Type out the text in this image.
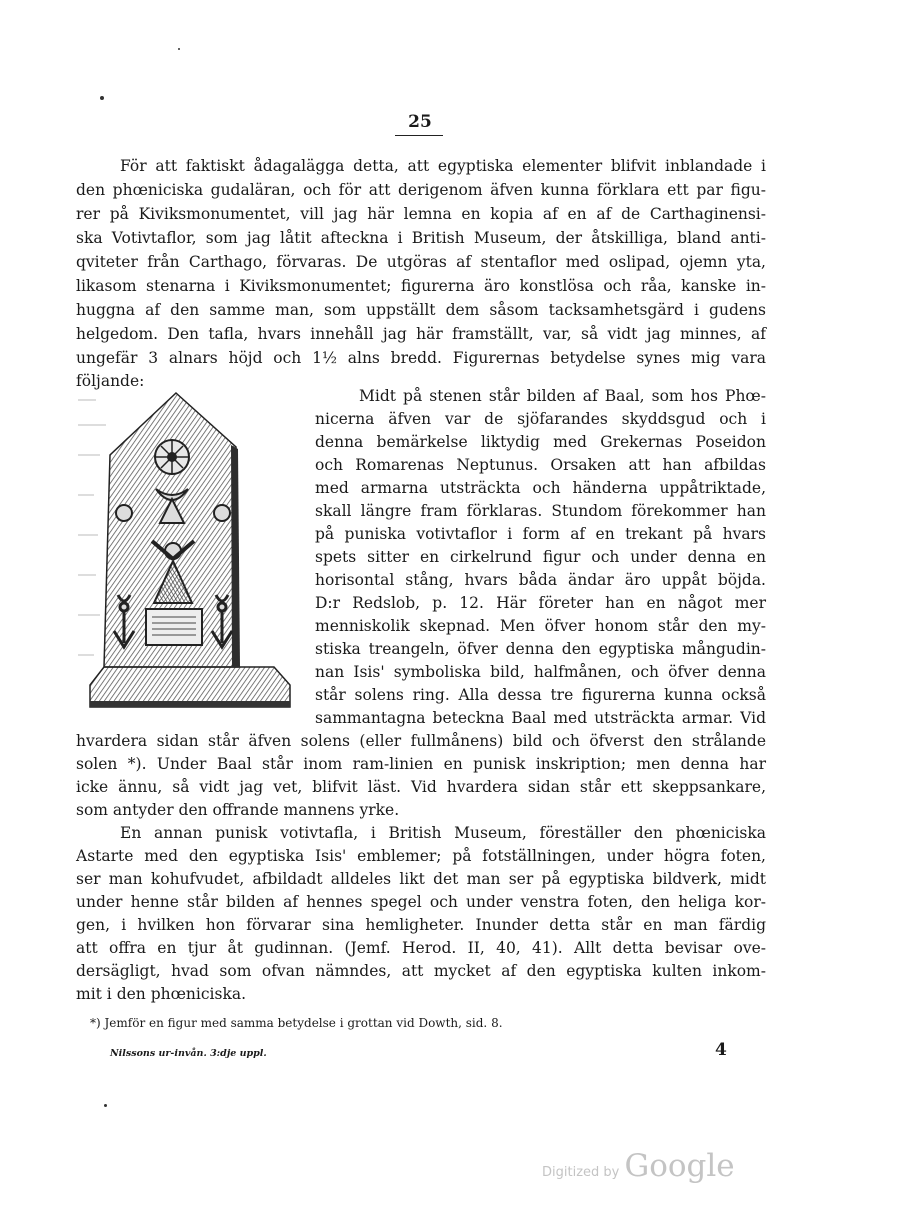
25
För att faktiskt ådagalägga detta, att egyptiska elementer blifvit inblandade i
den phœniciska gudaläran, och för att derigenom äfven kunna förklara ett par figu-
rer på Kiviksmonumentet, vill jag här lemna en kopia af en af de Carthaginensi-
ska Votivtaflor, som jag låtit afteckna i British Museum, der åtskilliga, bland anti-
qviteter från Carthago, förvaras. De utgöras af stentaflor med oslipad, ojemn yta,
likasom stenarna i Kiviksmonumentet; figurerna äro konstlösa och råa, kanske in-
huggna af den samme man, som uppställt dem såsom tacksamhetsgärd i gudens
helgedom. Den tafla, hvars innehåll jag här framställt, var, så vidt jag minnes, af
ungefär 3 alnars höjd och 1½ alns bredd. Figurernas betydelse synes mig vara
följande:
Midt på stenen står bilden af Baal, som hos Phœ-
nicerna äfven var de sjöfarandes skyddsgud och i
denna bemärkelse liktydig med Grekernas Poseidon
och Romarenas Neptunus. Orsaken att han afbildas
med armarna utsträckta och händerna uppåtriktade,
skall längre fram förklaras. Stundom förekommer han
på puniska votivtaflor i form af en trekant på hvars
spets sitter en cirkelrund figur och under denna en
horisontal stång, hvars båda ändar äro uppåt böjda.
D:r Redslob, p. 12. Här företer han en något mer
menniskolik skepnad. Men öfver honom står den my-
stiska treangeln, öfver denna den egyptiska mångudin-
nan Isis' symboliska bild, halfmånen, och öfver denna
står solens ring. Alla dessa tre figurerna kunna också
sammantagna beteckna Baal med utsträckta armar. Vid
hvardera sidan står äfven solens (eller fullmånens) bild och öfverst den strålande
solen *). Under Baal står inom ram-linien en punisk inskription; men denna har
icke ännu, så vidt jag vet, blifvit läst. Vid hvardera sidan står ett skeppsankare,
som antyder den offrande mannens yrke.
En annan punisk votivtafla, i British Museum, föreställer den phœniciska
Astarte med den egyptiska Isis' emblemer; på fotställningen, under högra foten,
ser man kohufvudet, afbildadt alldeles likt det man ser på egyptiska bildverk, midt
under henne står bilden af hennes spegel och under venstra foten, den heliga kor-
gen, i hvilken hon förvarar sina hemligheter. Inunder detta står en man färdig
att offra en tjur åt gudinnan. (Jemf. Herod. II, 40, 41). Allt detta bevisar ove-
dersägligt, hvad som ofvan nämndes, att mycket af den egyptiska kulten inkom-
mit i den phœniciska.
*) Jemför en figur med samma betydelse i grottan vid Dowth, sid. 8.
Nilssons ur-invån. 3:dje uppl.	4
Digitized by Google
